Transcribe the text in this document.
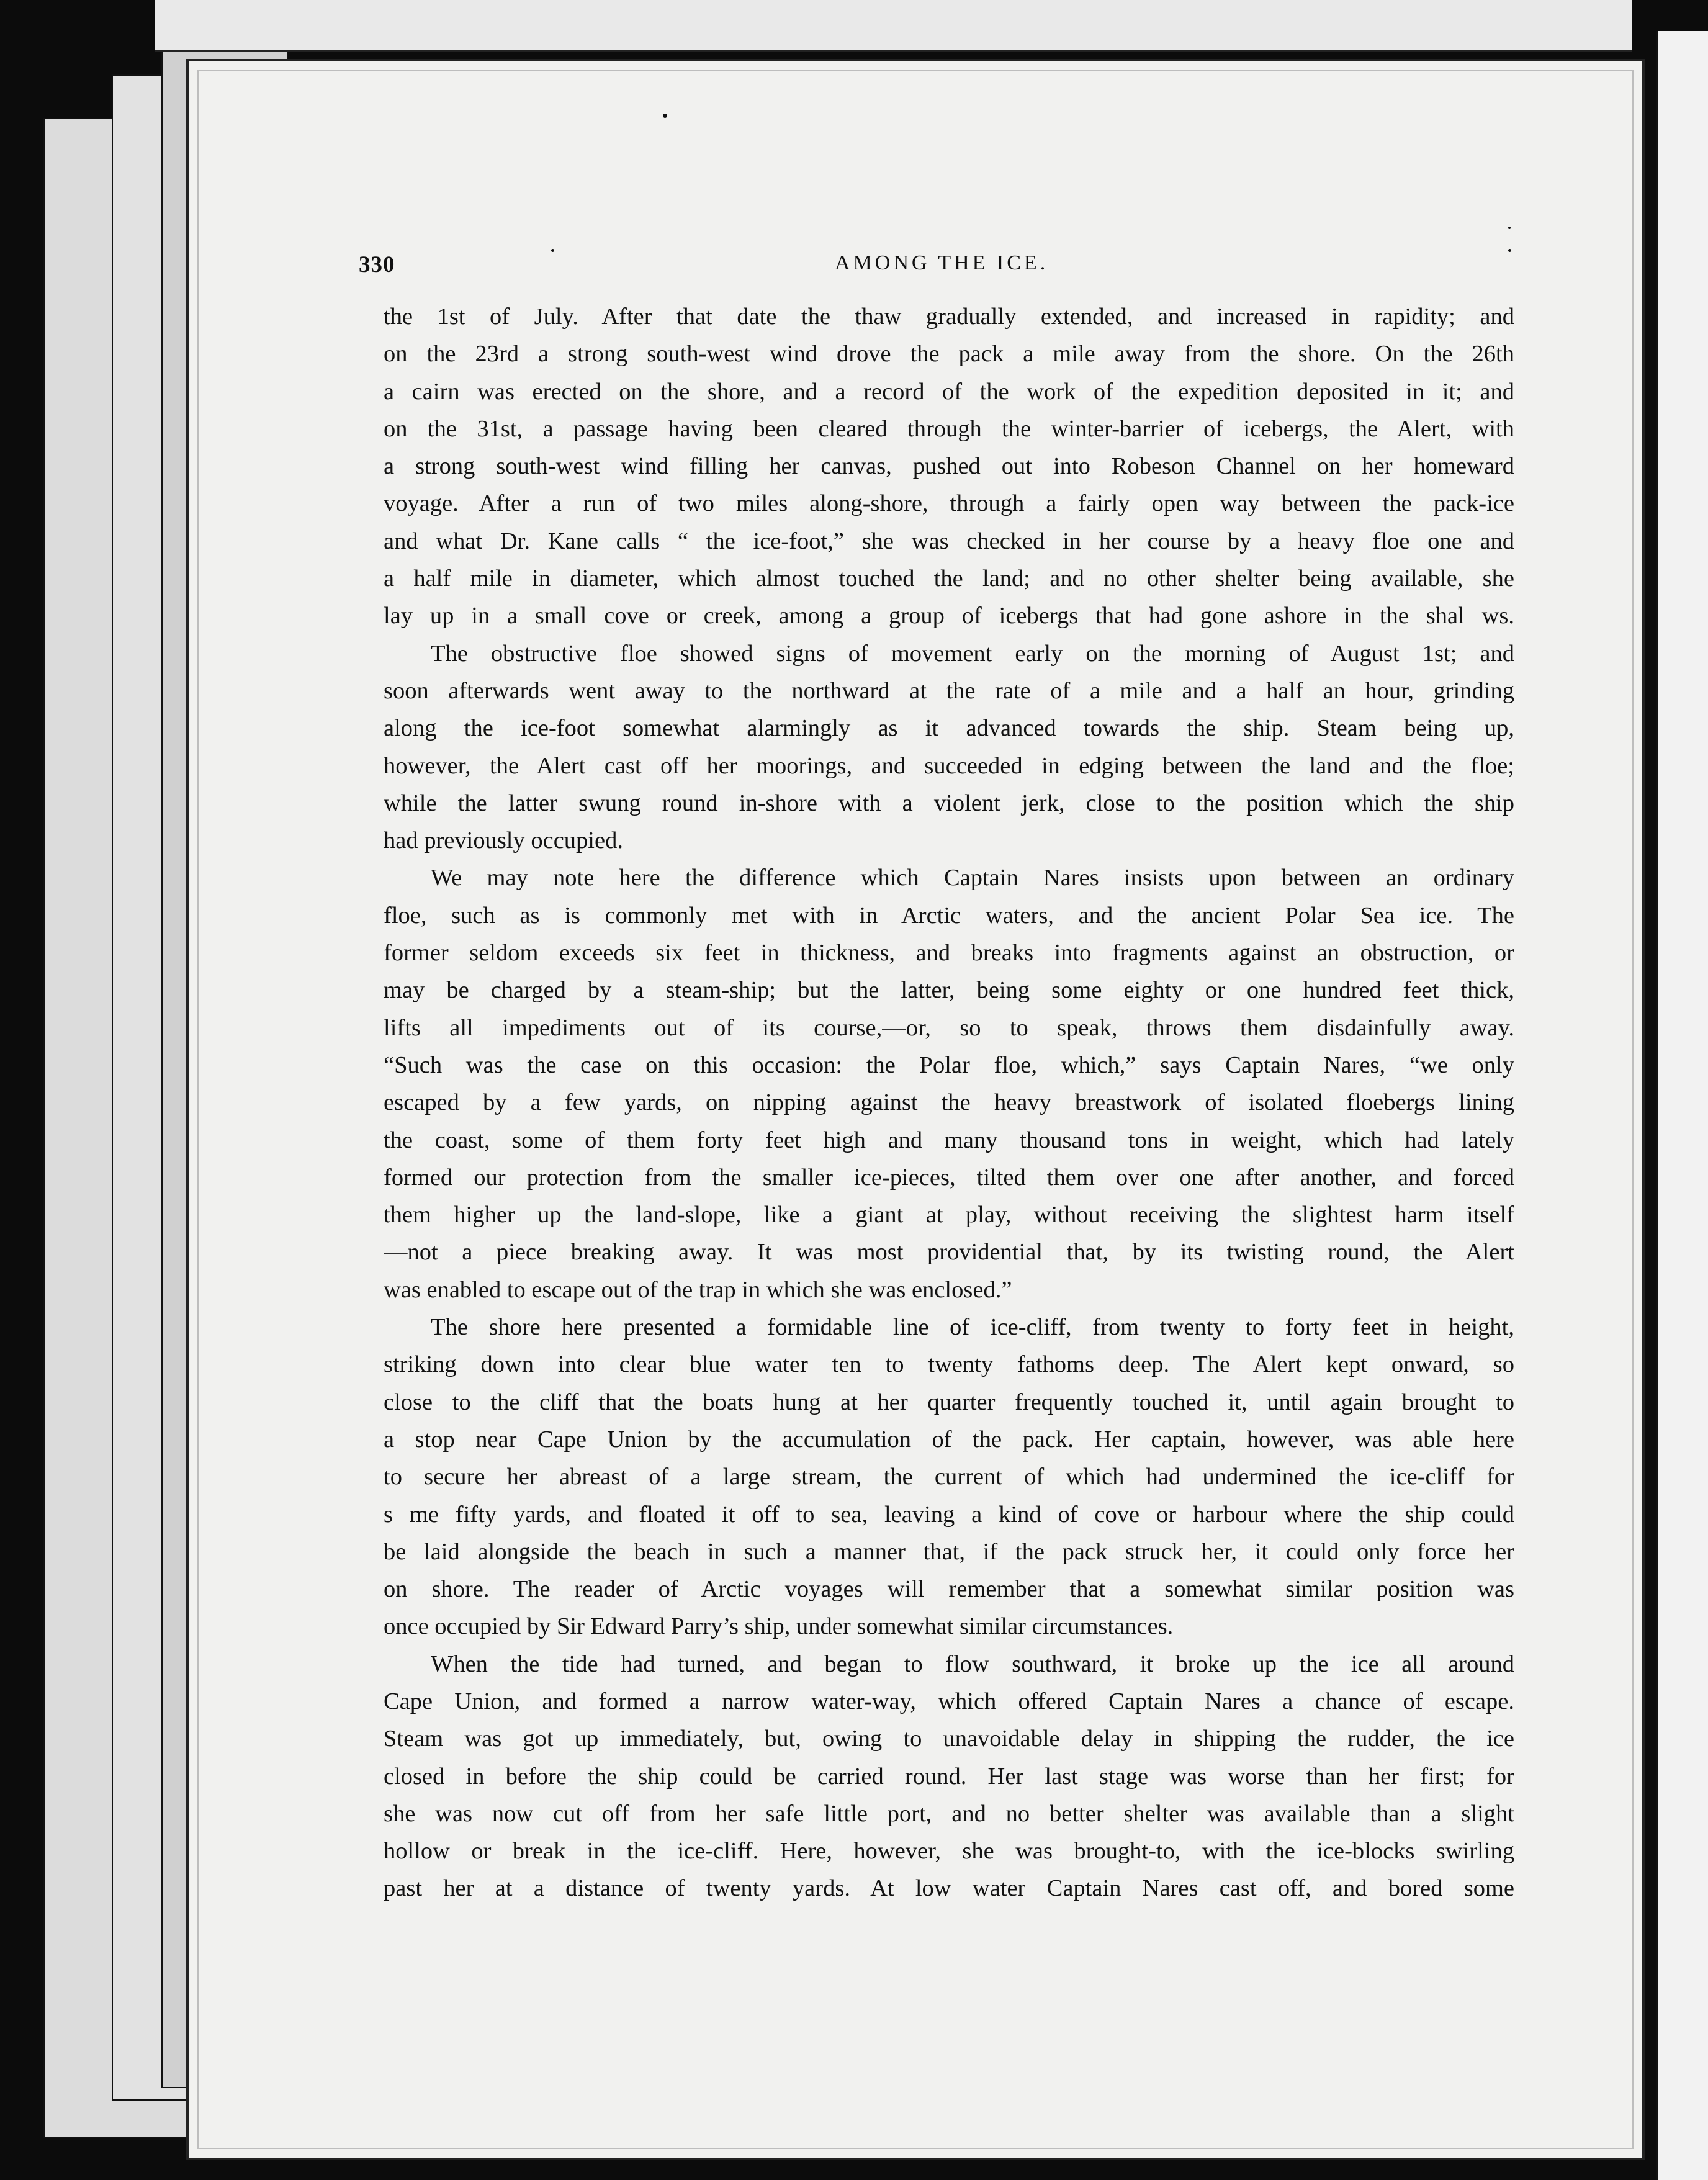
330	AMONG THE ICE.
the 1st of July. After that date the thaw gradually extended, and increased in rapidity; and
on the 23rd a strong south-west wind drove the pack a mile away from the shore. On the 26th
a cairn was erected on the shore, and a record of the work of the expedition deposited in it; and
on the 31st, a passage having been cleared through the winter-barrier of icebergs, the Alert, with
a strong south-west wind filling her canvas, pushed out into Robeson Channel on her homeward
voyage. After a run of two miles along-shore, through a fairly open way between the pack-ice
and what Dr. Kane calls “ the ice-foot,” she was checked in her course by a heavy floe one and
a half mile in diameter, which almost touched the land; and no other shelter being available, she
lay up in a small cove or creek, among a group of icebergs that had gone ashore in the shal ws.
The obstructive floe showed signs of movement early on the morning of August 1st; and
soon afterwards went away to the northward at the rate of a mile and a half an hour, grinding
along the ice-foot somewhat alarmingly as it advanced towards the ship. Steam being up,
however, the Alert cast off her moorings, and succeeded in edging between the land and the floe;
while the latter swung round in-shore with a violent jerk, close to the position which the ship
had previously occupied.
We may note here the difference which Captain Nares insists upon between an ordinary
floe, such as is commonly met with in Arctic waters, and the ancient Polar Sea ice. The
former seldom exceeds six feet in thickness, and breaks into fragments against an obstruction, or
may be charged by a steam-ship; but the latter, being some eighty or one hundred feet thick,
lifts all impediments out of its course,—or, so to speak, throws them disdainfully away.
“Such was the case on this occasion: the Polar floe, which,” says Captain Nares, “we only
escaped by a few yards, on nipping against the heavy breastwork of isolated floebergs lining
the coast, some of them forty feet high and many thousand tons in weight, which had lately
formed our protection from the smaller ice-pieces, tilted them over one after another, and forced
them higher up the land-slope, like a giant at play, without receiving the slightest harm itself
—not a piece breaking away. It was most providential that, by its twisting round, the Alert
was enabled to escape out of the trap in which she was enclosed.”
The shore here presented a formidable line of ice-cliff, from twenty to forty feet in height,
striking down into clear blue water ten to twenty fathoms deep. The Alert kept onward, so
close to the cliff that the boats hung at her quarter frequently touched it, until again brought to
a stop near Cape Union by the accumulation of the pack. Her captain, however, was able here
to secure her abreast of a large stream, the current of which had undermined the ice-cliff for
s me fifty yards, and floated it off to sea, leaving a kind of cove or harbour where the ship could
be laid alongside the beach in such a manner that, if the pack struck her, it could only force her
on shore. The reader of Arctic voyages will remember that a somewhat similar position was
once occupied by Sir Edward Parry’s ship, under somewhat similar circumstances.
When the tide had turned, and began to flow southward, it broke up the ice all around
Cape Union, and formed a narrow water-way, which offered Captain Nares a chance of escape.
Steam was got up immediately, but, owing to unavoidable delay in shipping the rudder, the ice
closed in before the ship could be carried round. Her last stage was worse than her first; for
she was now cut off from her safe little port, and no better shelter was available than a slight
hollow or break in the ice-cliff. Here, however, she was brought-to, with the ice-blocks swirling
past her at a distance of twenty yards. At low water Captain Nares cast off, and bored some
